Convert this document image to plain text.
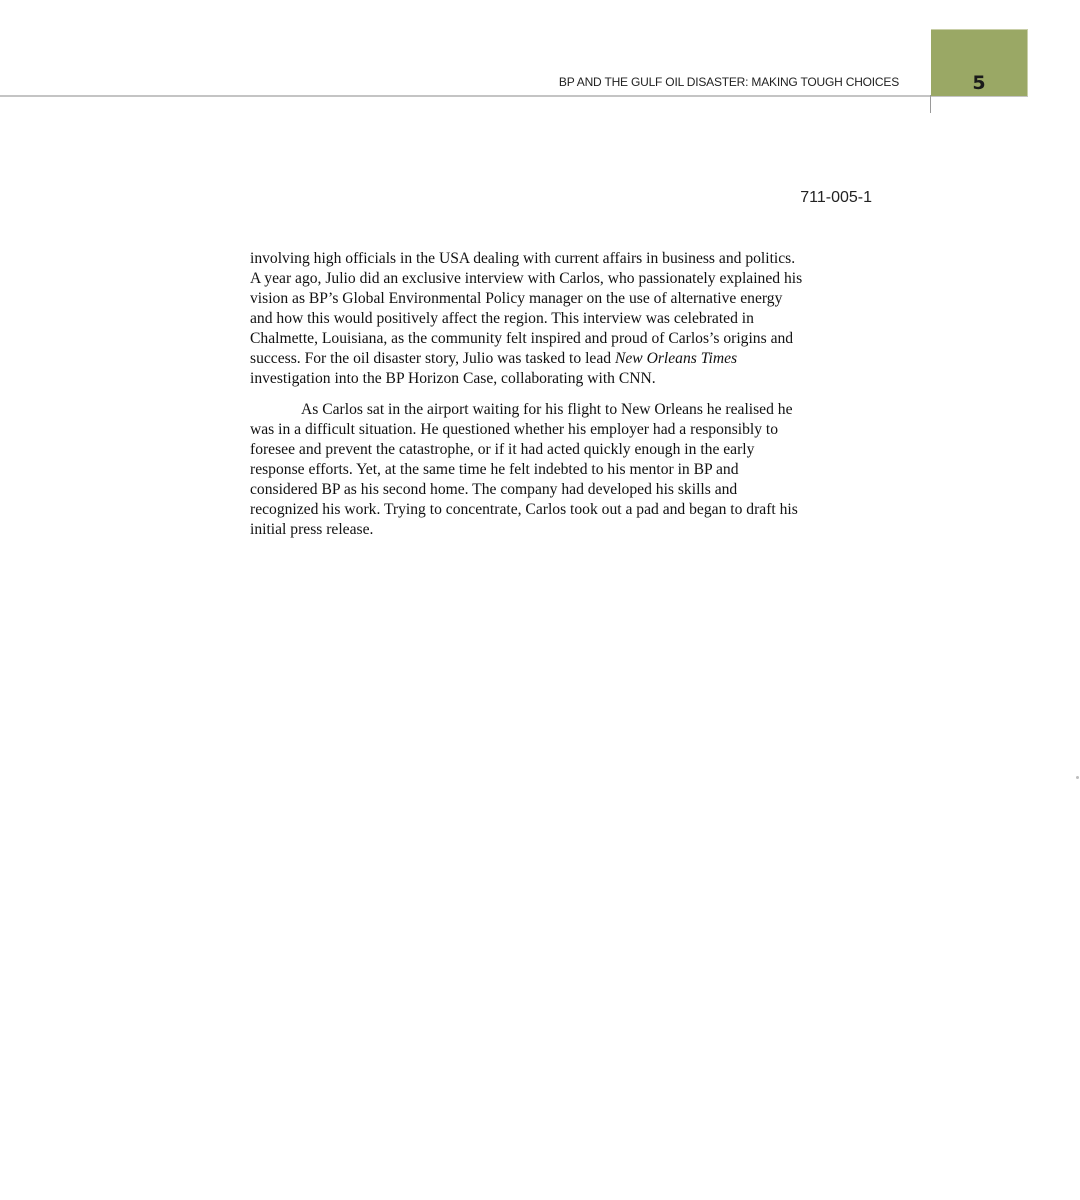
BP AND THE GULF OIL DISASTER: MAKING TOUGH CHOICES	5
711-005-1
involving high officials in the USA dealing with current affairs in business and politics.
A year ago, Julio did an exclusive interview with Carlos, who passionately explained his
vision as BP’s Global Environmental Policy manager on the use of alternative energy
and how this would positively affect the region. This interview was celebrated in
Chalmette, Louisiana, as the community felt inspired and proud of Carlos’s origins and
success. For the oil disaster story, Julio was tasked to lead New Orleans Times
investigation into the BP Horizon Case, collaborating with CNN.
As Carlos sat in the airport waiting for his flight to New Orleans he realised he
was in a difficult situation. He questioned whether his employer had a responsibly to
foresee and prevent the catastrophe, or if it had acted quickly enough in the early
response efforts. Yet, at the same time he felt indebted to his mentor in BP and
considered BP as his second home. The company had developed his skills and
recognized his work. Trying to concentrate, Carlos took out a pad and began to draft his
initial press release.
